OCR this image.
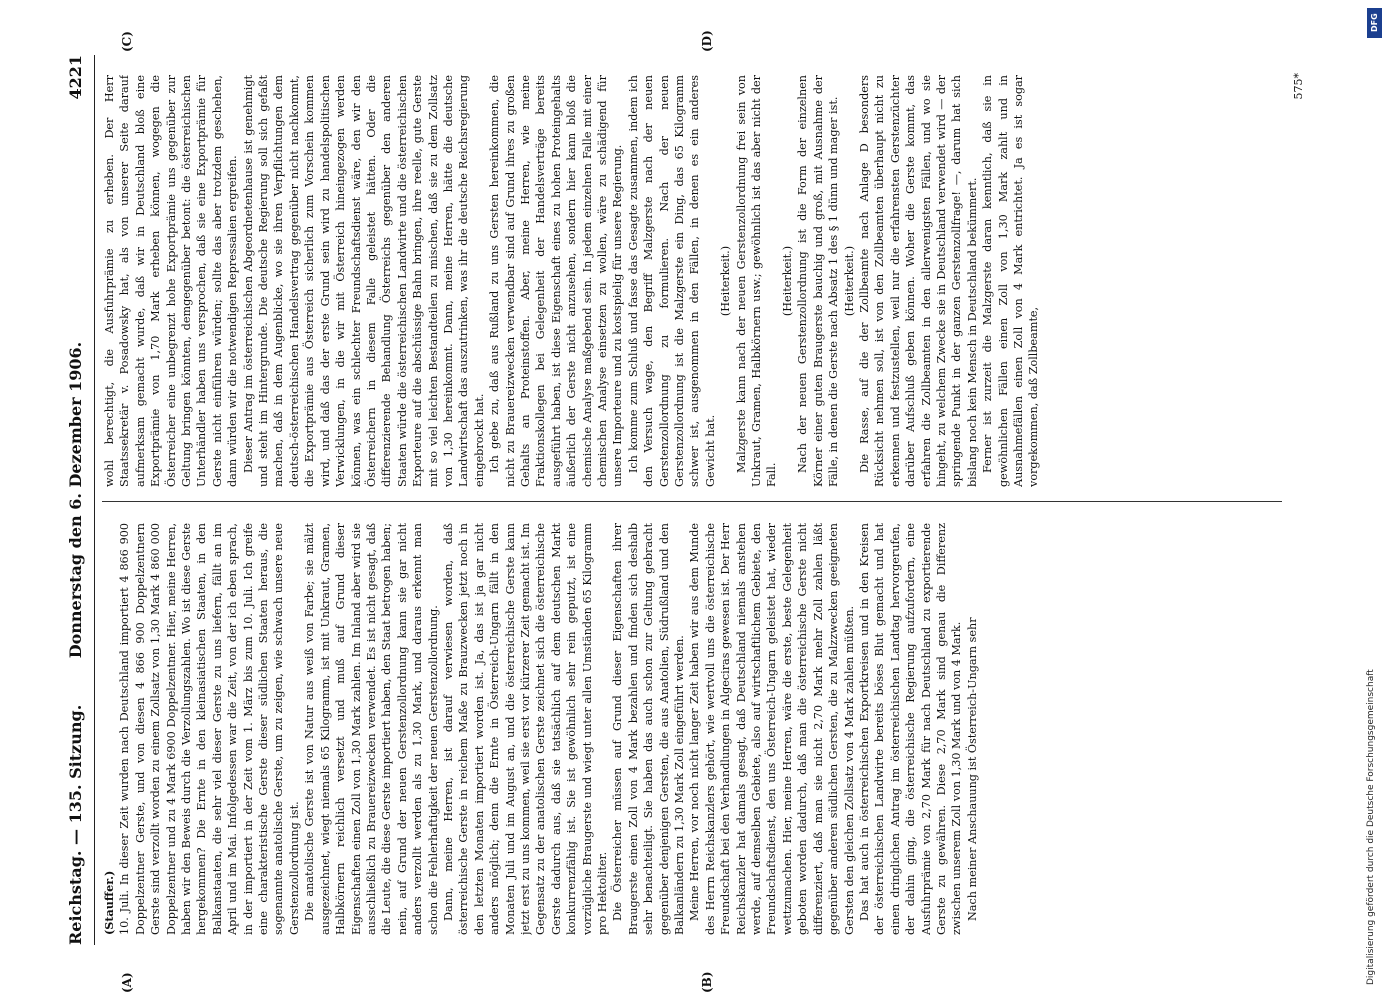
Reichstag. — 135. Sitzung.
Donnerstag den 6. Dezember 1906.
4221

(Stauffer.) 10. Juli. In dieser Zeit wurden nach Deutschland importiert 4 866 900 Doppelzentner Gerste, und von diesen 4 866 900 Doppelzentnern Gerste sind verzollt worden zu einem Zollsatz von 1,30 Mark 4 860 000 Doppelzentner und zu 4 Mark 6900 Doppelzentner. Hier, meine Herren, haben wir den Beweis durch die Verzollungszahlen. Wo ist diese Gerste hergekommen? Die Ernte in den kleinasiatischen Staaten, in den Balkanstaaten, die sehr viel dieser Gerste zu uns liefern, fällt an im April und im Mai. Infolgedessen war die Zeit, von der ich eben sprach, in der importiert in der Zeit vom 1. März bis zum 10. Juli. Ich greife eine charakteristische Gerste dieser südlichen Staaten heraus, die sogenannte anatolische Gerste, um zu zeigen, wie schwach unsere neue Gerstenzollordnung ist. Die anatolische Gerste ist von Natur aus weiß von Farbe; sie mälzt ausgezeichnet, wiegt niemals 65 Kilogramm, ist mit Unkraut, Gramen, Halbkörnern reichlich versetzt und muß auf Grund dieser Eigenschaften einen Zoll von 1,30 Mark zahlen. Im Inland aber wird sie ausschließlich zu Brauereizwecken verwendet. Es ist nicht gesagt, daß die Leute, die diese Gerste importiert haben, den Staat betrogen haben; nein, auf Grund der neuen Gerstenzollordnung kann sie gar nicht anders verzollt werden als zu 1,30 Mark, und daraus erkennt man schon die Fehlerhaftigkeit der neuen Gerstenzollordnung. Dann, meine Herren, ist darauf verwiesen worden, daß österreichische Gerste in reichem Maße zu Brauzwecken jetzt noch in den letzten Monaten importiert worden ist. Ja, das ist ja gar nicht anders möglich; denn die Ernte in Österreich-Ungarn fällt in den Monaten Juli und im August an, und die österreichische Gerste kann jetzt erst zu uns kommen, weil sie erst vor kürzerer Zeit gemacht ist. Im Gegensatz zu der anatolischen Gerste zeichnet sich die österreichische Gerste dadurch aus, daß sie tatsächlich auf dem deutschen Markt konkurrenzfähig ist. Sie ist gewöhnlich sehr rein geputzt, ist eine vorzügliche Braugerste und wiegt unter allen Umständen 65 Kilogramm pro Hektoliter. Die Österreicher müssen auf Grund dieser Eigenschaften ihrer Braugerste einen Zoll von 4 Mark bezahlen und finden sich deshalb sehr benachteiligt. Sie haben das auch schon zur Geltung gebracht gegenüber denjenigen Gersten, die aus Anatolien, Südrußland und den Balkanländern zu 1,30 Mark Zoll eingeführt werden. Meine Herren, vor noch nicht langer Zeit haben wir aus dem Munde des Herrn Reichskanzlers gehört, wie wertvoll uns die österreichische Freundschaft bei den Verhandlungen in Algeciras gewesen ist. Der Herr Reichskanzler hat damals gesagt, daß Deutschland niemals anstehen werde, auf demselben Gebiete, also auf wirtschaftlichem Gebiete, den Freundschaftsdienst, den uns Österreich-Ungarn geleistet hat, wieder wettzumachen. Hier, meine Herren, wäre die erste, beste Gelegenheit geboten worden dadurch, daß man die österreichische Gerste nicht differenziert, daß man sie nicht 2,70 Mark mehr Zoll zahlen läßt gegenüber anderen südlichen Gersten, die zu Malzzwecken geeigneten Gersten den gleichen Zollsatz von 4 Mark zahlen müßten. Das hat auch in österreichischen Exportkreisen und in den Kreisen der österreichischen Landwirte bereits böses Blut gemacht und hat einen dringlichen Antrag im österreichischen Landtag hervorgerufen, der dahin ging, die österreichische Regierung aufzufordern, eine Ausfuhrprämie von 2,70 Mark für nach Deutschland zu exportierende Gerste zu gewähren. Diese 2,70 Mark sind genau die Differenz zwischen unserem Zoll von 1,30 Mark und von 4 Mark. Nach meiner Anschauung ist Österreich-Ungarn sehr

wohl berechtigt, die Ausfuhrprämie zu erheben. Der Herr Staatssekretär v. Posadowsky hat, als von unserer Seite darauf aufmerksam gemacht wurde, daß wir in Deutschland bloß eine Exportprämie von 1,70 Mark erheben können, wogegen die Österreicher eine unbegrenzt hohe Exportprämie uns gegenüber zur Geltung bringen könnten, demgegenüber betont: die österreichischen Unterhändler haben uns versprochen, daß sie eine Exportprämie für Gerste nicht einführen würden; sollte das aber trotzdem geschehen, dann würden wir die notwendigen Repressalien ergreifen. Dieser Antrag im österreichischen Abgeordnetenhause ist genehmigt und steht im Hintergrunde. Die deutsche Regierung soll sich gefaßt machen, daß in dem Augenblicke, wo sie ihren Verpflichtungen dem deutsch-österreichischen Handelsvertrag gegenüber nicht nachkommt, die Exportprämie aus Österreich sicherlich zum Vorschein kommen wird, und daß das der erste Grund sein wird zu handelspolitischen Verwicklungen, in die wir mit Österreich hineingezogen werden können, was ein schlechter Freundschaftsdienst wäre, den wir den Österreichern in diesem Falle geleistet hätten. Oder die differenzierende Behandlung Österreichs gegenüber den anderen Staaten würde die österreichischen Landwirte und die österreichischen Exporteure auf die abschüssige Bahn bringen, ihre reelle, gute Gerste mit so viel leichten Bestandteilen zu mischen, daß sie zu dem Zollsatz von 1,30 hereinkommt. Dann, meine Herren, hätte die deutsche Landwirtschaft das auszutrinken, was ihr die deutsche Reichsregierung eingebrockt hat. Ich gebe zu, daß aus Rußland zu uns Gersten hereinkommen, die nicht zu Brauereizwecken verwendbar sind auf Grund ihres zu großen Gehalts an Proteinstoffen. Aber, meine Herren, wie meine Fraktionskollegen bei Gelegenheit der Handelsverträge bereits ausgeführt haben, ist diese Eigenschaft eines zu hohen Proteingehalts äußerlich der Gerste nicht anzusehen, sondern hier kann bloß die chemische Analyse maßgebend sein. In jedem einzelnen Falle mit einer chemischen Analyse einsetzen zu wollen, wäre zu schädigend für unsere Importeure und zu kostspielig für unsere Regierung. Ich komme zum Schluß und fasse das Gesagte zusammen, indem ich den Versuch wage, den Begriff Malzgerste nach der neuen Gerstenzollordnung zu formulieren. Nach der neuen Gerstenzollordnung ist die Malzgerste ein Ding, das 65 Kilogramm schwer ist, ausgenommen in den Fällen, in denen es ein anderes Gewicht hat.

(Heiterkeit.) Malzgerste kann nach der neuen Gerstenzollordnung frei sein von Unkraut, Gramen, Halbkörnern usw.; gewöhnlich ist das aber nicht der Fall.

(Heiterkeit.) Nach der neuen Gerstenzollordnung ist die Form der einzelnen Körner einer guten Braugerste bauchig und groß, mit Ausnahme der Fälle, in denen die Gerste nach Absatz 1 des § 1 dünn und mager ist. (Heiterkeit.) Die Rasse, auf die der Zollbeamte nach Anlage D besonders Rücksicht nehmen soll, ist von den Zollbeamten überhaupt nicht zu erkennen und festzustellen, weil nur die erfahrensten Gerstenzüchter darüber Aufschluß geben können. Woher die Gerste kommt, das erfahren die Zollbeamten in den allerwenigsten Fällen, und wo sie hingeht, zu welchem Zwecke sie in Deutschland verwendet wird — der springende Punkt in der ganzen Gerstenzollfrage! —, darum hat sich bislang noch kein Mensch in Deutschland bekümmert. Ferner ist zurzeit die Malzgerste daran kenntlich, daß sie in gewöhnlichen Fällen einen Zoll von 1,30 Mark zahlt und in Ausnahmefällen einen Zoll von 4 Mark entrichtet. Ja es ist sogar vorgekommen, daß Zollbeamte,

(A)	(B)
(C)	(D)
575*
DFG
Digitalisierung gefördert durch die Deutsche Forschungsgemeinschaft
